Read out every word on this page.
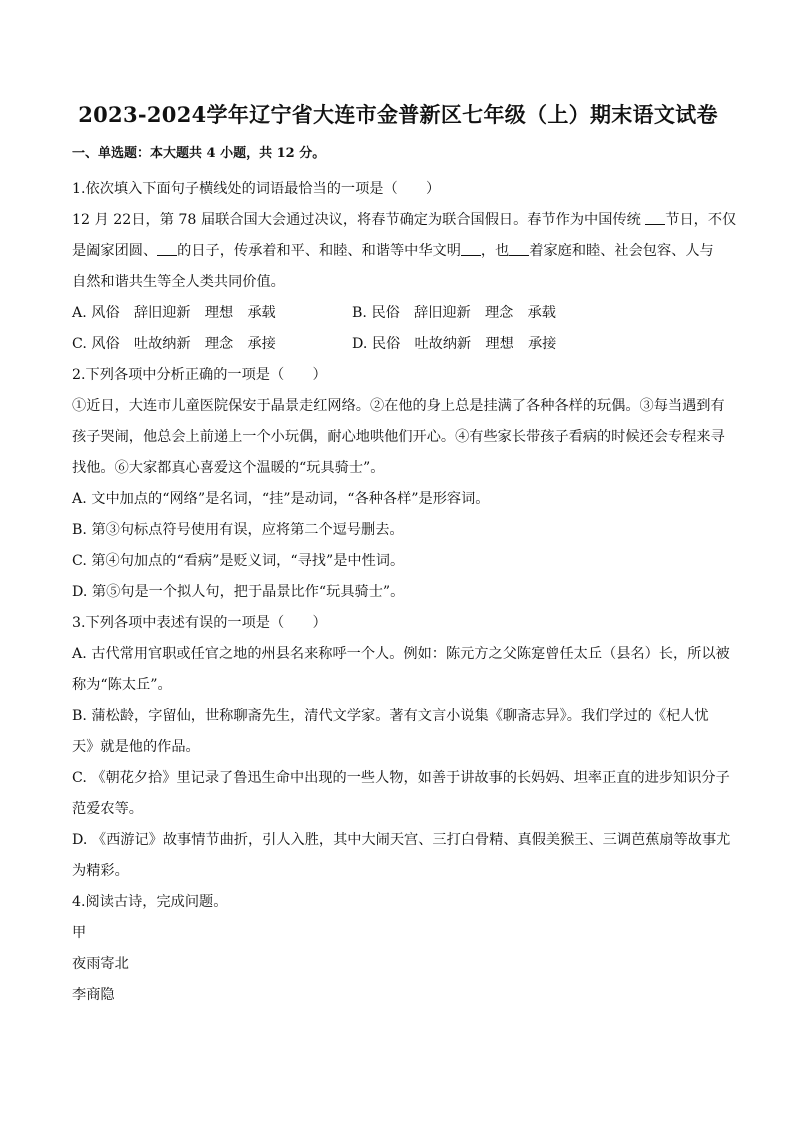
2023-2024学年辽宁省大连市金普新区七年级（上）期末语文试卷
一、单选题：本大题共 4 小题，共 12 分。

1.依次填入下面句子横线处的词语最恰当的一项是（　　）

12 月 22日，第 78 届联合国大会通过决议，将春节确定为联合国假日。春节作为中国传统 节日，不仅

是阖家团圆、 的日子，传承着和平、和睦、和谐等中华文明 ，也 着家庭和睦、社会包容、人与

自然和谐共生等全人类共同价值。

A. 风俗　辞旧迎新　理想　承载	B. 民俗　辞旧迎新　理念　承载
C. 风俗　吐故纳新　理念　承接	D. 民俗　吐故纳新　理想　承接

2.下列各项中分析正确的一项是（　　）

①近日，大连市儿童医院保安于晶景走红网络。②在他的身上总是挂满了各种各样的玩偶。③每当遇到有

孩子哭闹，他总会上前递上一个小玩偶，耐心地哄他们开心。④有些家长带孩子看病的时候还会专程来寻

找他。⑥大家都真心喜爱这个温暖的“玩具骑士”。

A. 文中加点的“网络”是名词，“挂”是动词，“各种各样”是形容词。

B. 第③句标点符号使用有误，应将第二个逗号删去。

C. 第④句加点的“看病”是贬义词，“寻找”是中性词。

D. 第⑤句是一个拟人句，把于晶景比作“玩具骑士”。

3.下列各项中表述有误的一项是（　　）

A. 古代常用官职或任官之地的州县名来称呼一个人。例如：陈元方之父陈寔曾任太丘（县名）长，所以被

称为“陈太丘”。

B. 蒲松龄，字留仙，世称聊斋先生，清代文学家。著有文言小说集《聊斋志异》。我们学过的《杞人忧

天》就是他的作品。

C. 《朝花夕拾》里记录了鲁迅生命中出现的一些人物，如善于讲故事的长妈妈、坦率正直的进步知识分子

范爱农等。

D. 《西游记》故事情节曲折，引人入胜，其中大闹天宫、三打白骨精、真假美猴王、三调芭蕉扇等故事尤

为精彩。

4.阅读古诗，完成问题。

甲

夜雨寄北

李商隐
